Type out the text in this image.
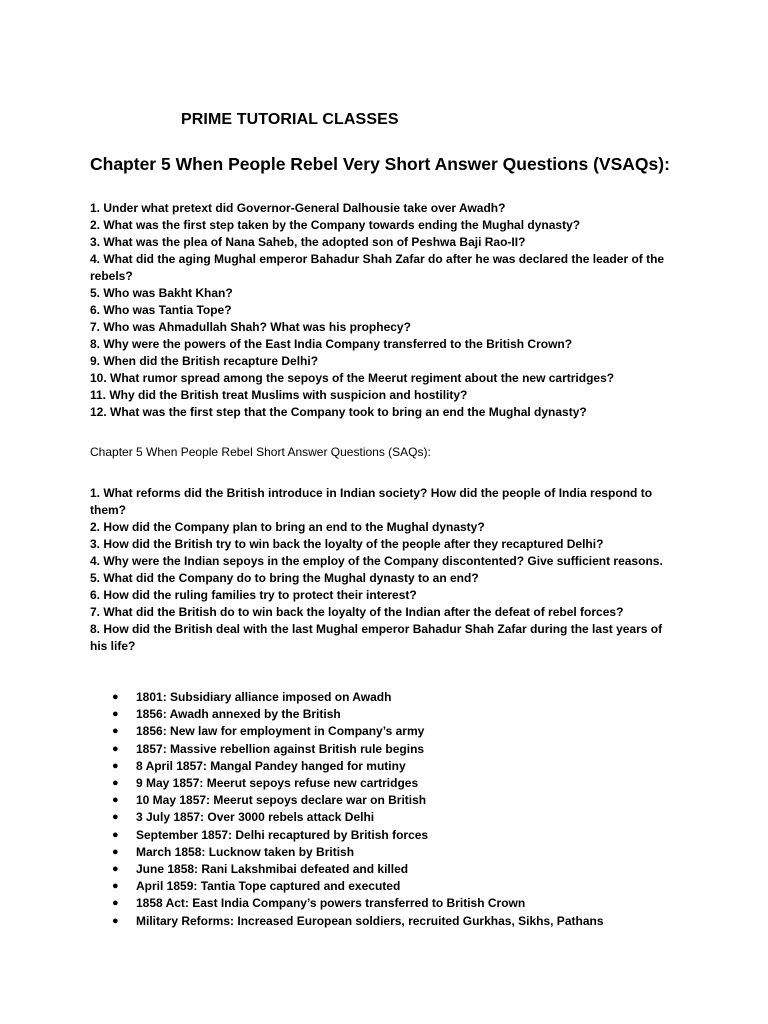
PRIME TUTORIAL CLASSES
Chapter 5 When People Rebel Very Short Answer Questions (VSAQs):

1. Under what pretext did Governor-General Dalhousie take over Awadh?

2. What was the first step taken by the Company towards ending the Mughal dynasty?

3. What was the plea of Nana Saheb, the adopted son of Peshwa Baji Rao-II?

4. What did the aging Mughal emperor Bahadur Shah Zafar do after he was declared the leader of the rebels?

5. Who was Bakht Khan?

6. Who was Tantia Tope?

7. Who was Ahmadullah Shah? What was his prophecy?

8. Why were the powers of the East India Company transferred to the British Crown?

9. When did the British recapture Delhi?

10. What rumor spread among the sepoys of the Meerut regiment about the new cartridges?

11. Why did the British treat Muslims with suspicion and hostility?

12. What was the first step that the Company took to bring an end the Mughal dynasty?

Chapter 5 When People Rebel Short Answer Questions (SAQs):

1. What reforms did the British introduce in Indian society? How did the people of India respond to them?

2. How did the Company plan to bring an end to the Mughal dynasty?

3. How did the British try to win back the loyalty of the people after they recaptured Delhi?

4. Why were the Indian sepoys in the employ of the Company discontented? Give sufficient reasons.

5. What did the Company do to bring the Mughal dynasty to an end?

6. How did the ruling families try to protect their interest?

7. What did the British do to win back the loyalty of the Indian after the defeat of rebel forces?

8. How did the British deal with the last Mughal emperor Bahadur Shah Zafar during the last years of his life?

● 1801: Subsidiary alliance imposed on Awadh
● 1856: Awadh annexed by the British
● 1856: New law for employment in Company’s army
● 1857: Massive rebellion against British rule begins
● 8 April 1857: Mangal Pandey hanged for mutiny
● 9 May 1857: Meerut sepoys refuse new cartridges
● 10 May 1857: Meerut sepoys declare war on British
● 3 July 1857: Over 3000 rebels attack Delhi
● September 1857: Delhi recaptured by British forces
● March 1858: Lucknow taken by British
● June 1858: Rani Lakshmibai defeated and killed
● April 1859: Tantia Tope captured and executed
● 1858 Act: East India Company’s powers transferred to British Crown
● Military Reforms: Increased European soldiers, recruited Gurkhas, Sikhs, Pathans
